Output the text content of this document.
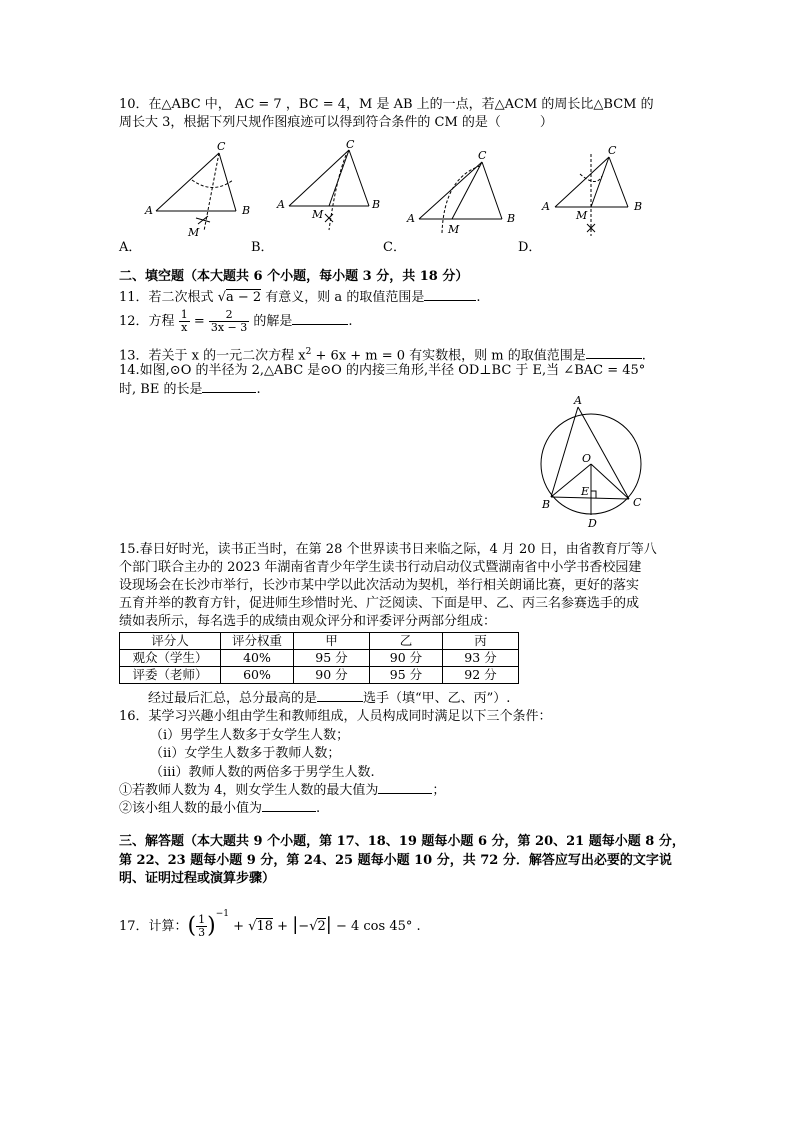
10．在△ABC 中， AC = 7 ，BC = 4，M 是 AB 上的一点，若△ACM 的周长比△BCM 的
周长大 3，根据下列尺规作图痕迹可以得到符合条件的 CM 的是（　　　）
C
A	B
M
C
A	B
M
C
A	B
M
C
A	B
M
A．	B．	C．	D．
二、填空题（本大题共 6 个小题，每小题 3 分，共 18 分）
11．若二次根式 √a − 2 有意义，则 a 的取值范围是	.
12．方程 $\frac{1}{x} = \frac{2}{3x - 3}$ 的解是	.
13．若关于 x 的一元二次方程 $x^2 + 6x + m = 0$ 有实数根，则 m 的取值范围是	.
14.如图,⊙O 的半径为 2,△ABC 是⊙O 的内接三角形,半径 OD⊥BC 于 E,当 ∠BAC = 45°
时, BE 的长是	.
A
O
E
B	C
D
15.春日好时光，读书正当时，在第 28 个世界读书日来临之际，4 月 20 日，由省教育厅等八
个部门联合主办的 2023 年湖南省青少年学生读书行动启动仪式暨湖南省中小学书香校园建
设现场会在长沙市举行，长沙市某中学以此次活动为契机，举行相关朗诵比赛，更好的落实
五育并举的教育方针，促进师生珍惜时光、广泛阅读、下面是甲、乙、丙三名参赛选手的成
绩如表所示，每名选手的成绩由观众评分和评委评分两部分组成：
评分人	评分权重	甲	乙	丙
观众（学生）	40%	95 分	90 分	93 分
评委（老师）	60%	90 分	95 分	92 分
经过最后汇总，总分最高的是	选手（填“甲、乙、丙”）.
16．某学习兴趣小组由学生和教师组成，人员构成同时满足以下三个条件：
（i）男学生人数多于女学生人数；
（ii）女学生人数多于教师人数；
（iii）教师人数的两倍多于男学生人数.
①若教师人数为 4，则女学生人数的最大值为	；
②该小组人数的最小值为	.
三、解答题（本大题共 9 个小题，第 17、18、19 题每小题 6 分，第 20、21 题每小题 8 分，
第 22、23 题每小题 9 分，第 24、25 题每小题 10 分，共 72 分．解答应写出必要的文字说
明、证明过程或演算步骤）
17．计算：( $\frac{1}{3} )^{-1} + √18 + |-√2| - 4$ cos 45° .
